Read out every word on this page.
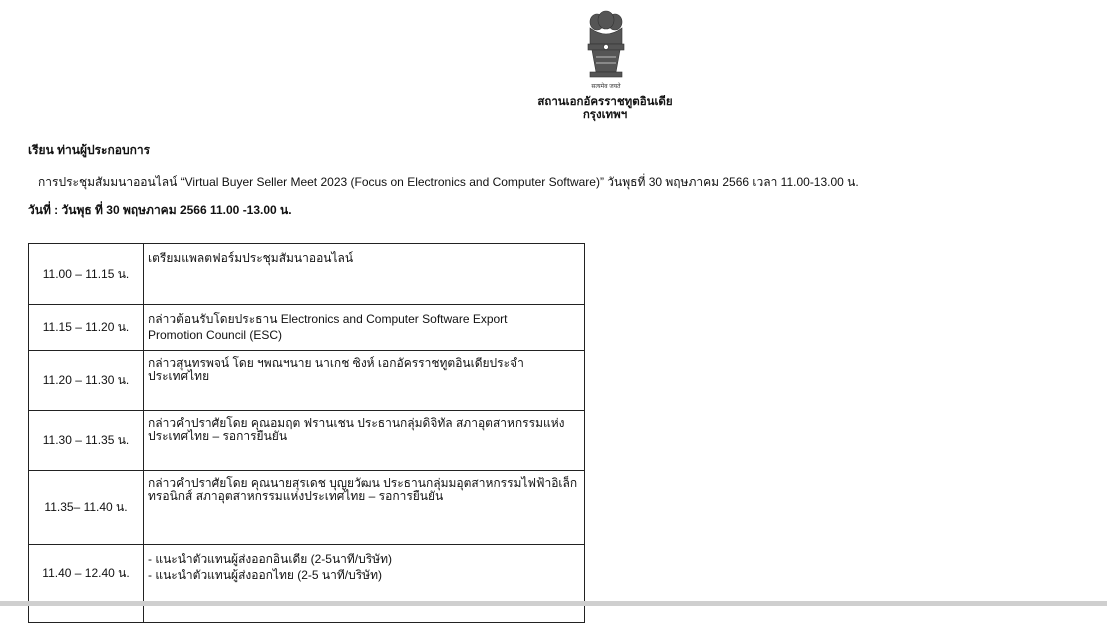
सत्यमेव जयते
สถานเอกอัครราชทูตอินเดีย
กรุงเทพฯ
เรียน ท่านผู้ประกอบการ
การประชุมสัมมนาออนไลน์ “Virtual Buyer Seller Meet 2023 (Focus on Electronics and Computer Software)” วันพุธที่ 30 พฤษภาคม 2566 เวลา 11.00-13.00 น.
วันที่ : วันพุธ ที่ 30 พฤษภาคม 2566 11.00 -13.00 น.
11.00 – 11.15 น.	เตรียมแพลตฟอร์มประชุมสัมนาออนไลน์

11.15 – 11.20 น.	กล่าวต้อนรับโดยประธาน Electronics and Computer Software Export
Promotion Council (ESC)

11.20 – 11.30 น.	กล่าวสุนทรพจน์ โดย ฯพณฯนาย นาเกช ซิงห์ เอกอัครราชทูตอินเดียประจำ
ประเทศไทย

11.30 – 11.35 น.	กล่าวคำปราศัยโดย คุณอมฤต ฟรานเชน ประธานกลุ่มดิจิทัล สภาอุตสาหกรรมแห่ง
ประเทศไทย – รอการยืนยัน

11.35– 11.40 น.	กล่าวคำปราศัยโดย คุณนายสุรเดช บุญยวัฒน ประธานกลุ่มมอุตสาหกรรมไฟฟ้าอิเล็ก
ทรอนิกส์ สภาอุตสาหกรรมแห่งประเทศไทย – รอการยืนยัน

11.40 – 12.40 น.	- แนะนำตัวแทนผู้ส่งออกอินเดีย (2-5นาที/บริษัท)
- แนะนำตัวแทนผู้ส่งออกไทย (2-5 นาที/บริษัท)
